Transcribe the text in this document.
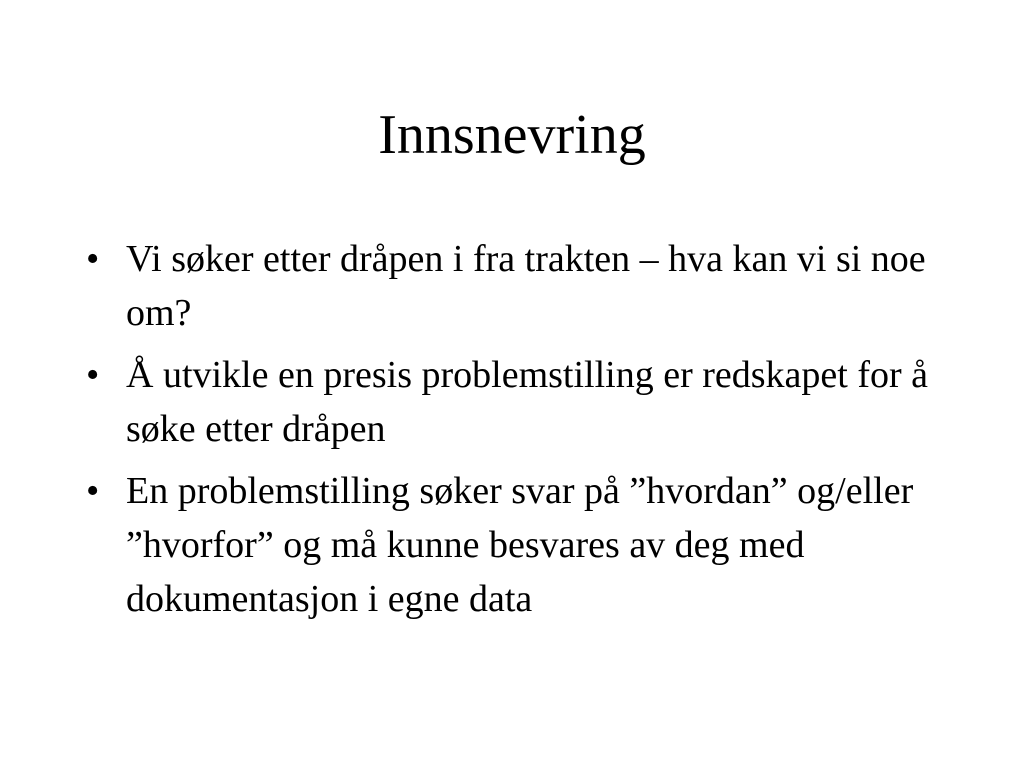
Innsnevring
• Vi søker etter dråpen i fra trakten – hva kan vi si noe om?
• Å utvikle en presis problemstilling er redskapet for å søke etter dråpen
• En problemstilling søker svar på ”hvordan” og/eller ”hvorfor” og må kunne besvares av deg med dokumentasjon i egne data
